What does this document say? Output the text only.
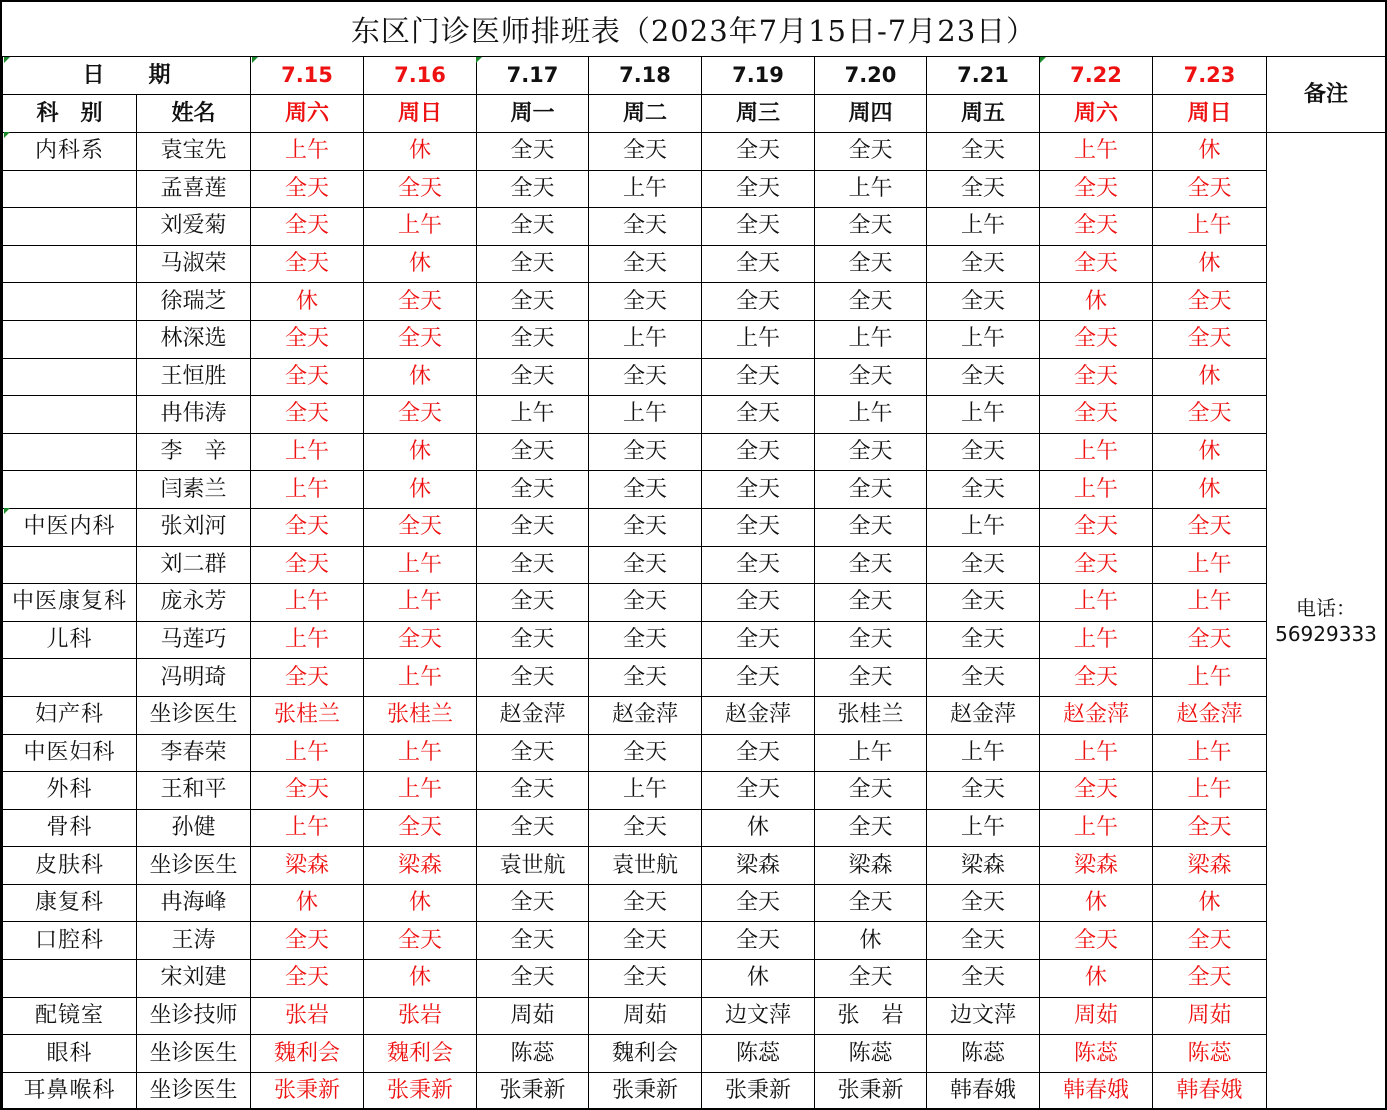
东区门诊医师排班表（2023年7月15日-7月23日）
日　　期		7.15	7.16	7.17	7.18	7.19	7.20	7.21	7.22	7.23	备注
科　别	姓名	周六	周日	周一	周二	周三	周四	周五	周六	周日	
内科系	袁宝先	上午	休	全天	全天	全天	全天	全天	上午	休	电话：
56929333

	孟喜莲	全天	全天	全天	上午	全天	上午	全天	全天	全天	
	刘爱菊	全天	上午	全天	全天	全天	全天	上午	全天	上午	
	马淑荣	全天	休	全天	全天	全天	全天	全天	全天	休	
	徐瑞芝	休	全天	全天	全天	全天	全天	全天	休	全天	
	林深选	全天	全天	全天	上午	上午	上午	上午	全天	全天	
	王恒胜	全天	休	全天	全天	全天	全天	全天	全天	休	
	冉伟涛	全天	全天	上午	上午	全天	上午	上午	全天	全天	
	李　辛	上午	休	全天	全天	全天	全天	全天	上午	休	
	闫素兰	上午	休	全天	全天	全天	全天	全天	上午	休	
中医内科	张刘河	全天	全天	全天	全天	全天	全天	上午	全天	全天	
	刘二群	全天	上午	全天	全天	全天	全天	全天	全天	上午	
中医康复科	庞永芳	上午	上午	全天	全天	全天	全天	全天	上午	上午	
儿科	马莲巧	上午	全天	全天	全天	全天	全天	全天	上午	全天	
	冯明琦	全天	上午	全天	全天	全天	全天	全天	全天	上午	
妇产科	坐诊医生	张桂兰	张桂兰	赵金萍	赵金萍	赵金萍	张桂兰	赵金萍	赵金萍	赵金萍	
中医妇科	李春荣	上午	上午	全天	全天	全天	上午	上午	上午	上午	
外科	王和平	全天	上午	全天	上午	全天	全天	全天	全天	上午	
骨科	孙健	上午	全天	全天	全天	休	全天	上午	上午	全天	
皮肤科	坐诊医生	梁森	梁森	袁世航	袁世航	梁森	梁森	梁森	梁森	梁森	
康复科	冉海峰	休	休	全天	全天	全天	全天	全天	休	休	
口腔科	王涛	全天	全天	全天	全天	全天	休	全天	全天	全天	
	宋刘建	全天	休	全天	全天	休	全天	全天	休	全天	
配镜室	坐诊技师	张岩	张岩	周茹	周茹	边文萍	张　岩	边文萍	周茹	周茹	
眼科	坐诊医生	魏利会	魏利会	陈蕊	魏利会	陈蕊	陈蕊	陈蕊	陈蕊	陈蕊	
耳鼻喉科	坐诊医生	张秉新	张秉新	张秉新	张秉新	张秉新	张秉新	韩春娥	韩春娥	韩春娥	
